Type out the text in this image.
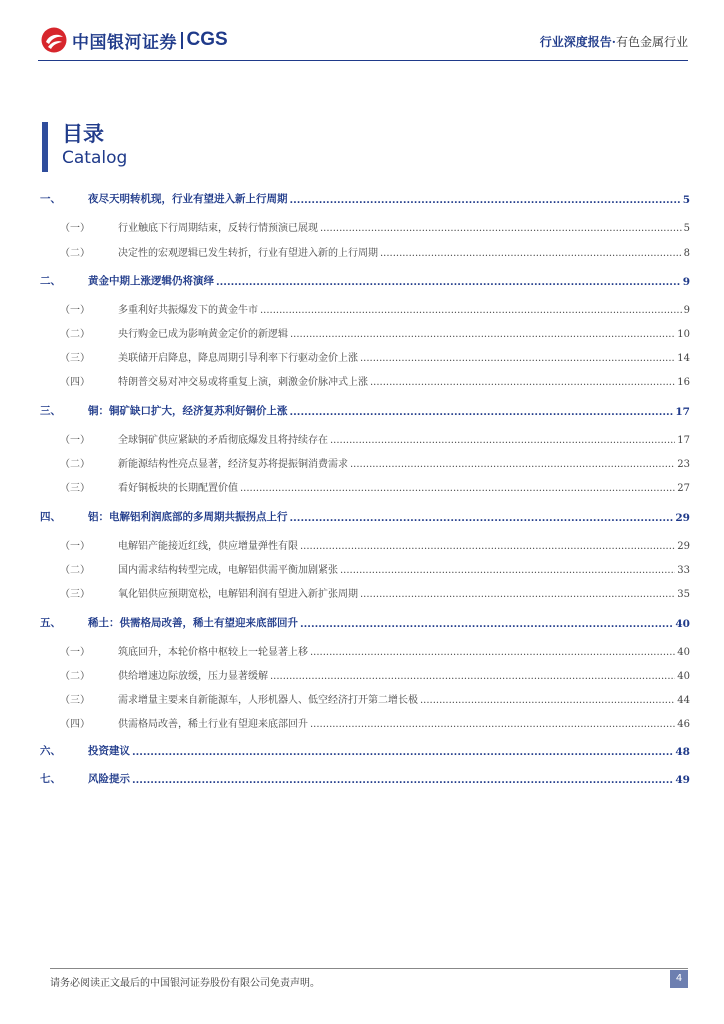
中国银河证券 CGS	行业深度报告·有色金属行业
目录
Catalog
一、	夜尽天明转机现，行业有望进入新上行周期 .....	5
（一）	行业触底下行周期结束，反转行情预演已展现 .....	5
（二）	决定性的宏观逻辑已发生转折，行业有望进入新的上行周期 .....	8
二、	黄金中期上涨逻辑仍将演绎 .....	9
（一）	多重利好共振爆发下的黄金牛市 .....	9
（二）	央行购金已成为影响黄金定价的新逻辑 .....	10
（三）	美联储开启降息，降息周期引导利率下行驱动金价上涨 .....	14
（四）	特朗普交易对冲交易或将重复上演，刺激金价脉冲式上涨 .....	16
三、	铜：铜矿缺口扩大，经济复苏利好铜价上涨 .....	17
（一）	全球铜矿供应紧缺的矛盾彻底爆发且将持续存在 .....	17
（二）	新能源结构性亮点显著，经济复苏将提振铜消费需求 .....	23
（三）	看好铜板块的长期配置价值 .....	27
四、	铝：电解铝利润底部的多周期共振拐点上行 .....	29
（一）	电解铝产能接近红线，供应增量弹性有限 .....	29
（二）	国内需求结构转型完成，电解铝供需平衡加剧紧张 .....	33
（三）	氧化铝供应预期宽松，电解铝利润有望进入新扩张周期 .....	35
五、	稀土：供需格局改善，稀土有望迎来底部回升 .....	40
（一）	筑底回升，本轮价格中枢较上一轮显著上移 .....	40
（二）	供给增速边际放缓，压力显著缓解 .....	40
（三）	需求增量主要来自新能源车，人形机器人、低空经济打开第二增长极 .....	44
（四）	供需格局改善，稀土行业有望迎来底部回升 .....	46
六、	投资建议 .....	48
七、	风险提示 .....	49
请务必阅读正文最后的中国银河证券股份有限公司免责声明。	4
